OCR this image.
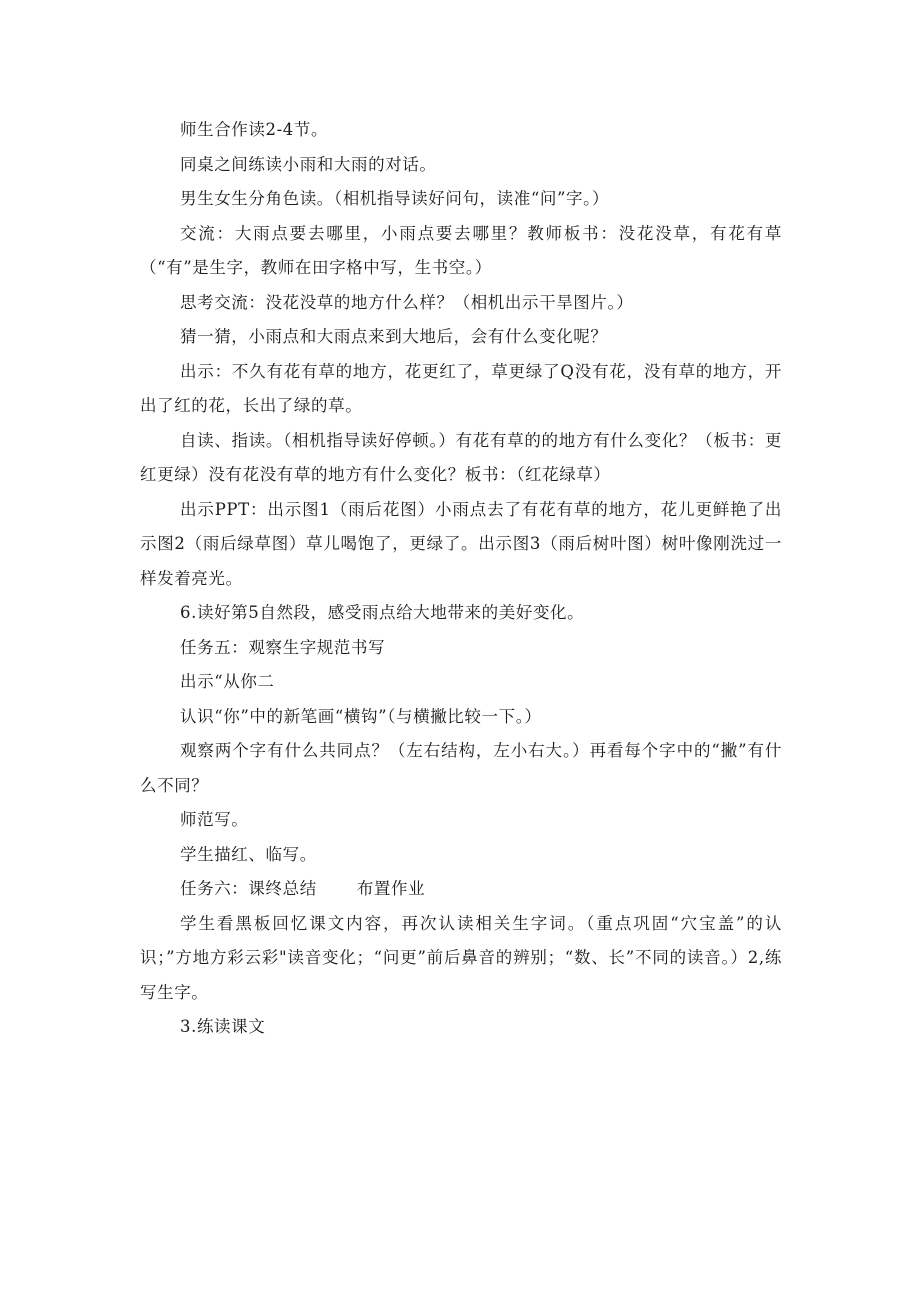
师生合作读2-4节。

同桌之间练读小雨和大雨的对话。

男生女生分角色读。（相机指导读好问句，读准“问”字。）

交流：大雨点要去哪里，小雨点要去哪里？教师板书：没花没草，有花有草（“有”是生字，教师在田字格中写，生书空。）

思考交流：没花没草的地方什么样？（相机出示干旱图片。）

猜一猜，小雨点和大雨点来到大地后，会有什么变化呢？

出示：不久有花有草的地方，花更红了，草更绿了Q没有花，没有草的地方，开出了红的花，长出了绿的草。

自读、指读。（相机指导读好停顿。）有花有草的的地方有什么变化？（板书：更红更绿）没有花没有草的地方有什么变化？板书：（红花绿草）

出示PPT：出示图1（雨后花图）小雨点去了有花有草的地方，花儿更鲜艳了出示图2（雨后绿草图）草儿喝饱了，更绿了。出示图3（雨后树叶图）树叶像刚洗过一样发着亮光。

6.读好第5自然段，感受雨点给大地带来的美好变化。

任务五：观察生字规范书写

出示“从你二

认识“你”中的新笔画“横钩”（与横撇比较一下。）

观察两个字有什么共同点？（左右结构，左小右大。）再看每个字中的“撇”有什么不同？

师范写。

学生描红、临写。

任务六：课终总结 布置作业

学生看黑板回忆课文内容，再次认读相关生字词。（重点巩固“穴宝盖”的认识；”方地方彩云彩"读音变化；“问更”前后鼻音的辨别；“数、长”不同的读音。）2,练写生字。

3.练读课文
